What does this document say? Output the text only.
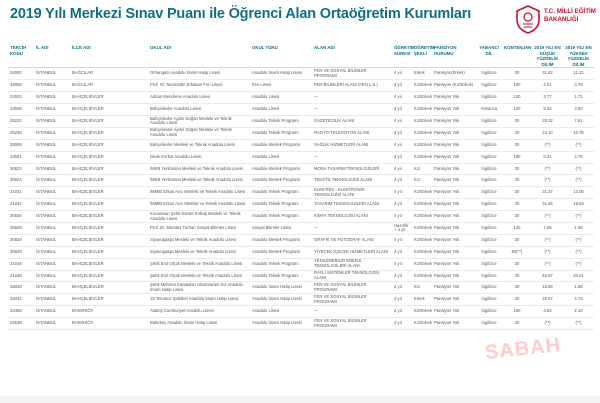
2019 Yılı Merkezi Sınav Puanı ile Öğrenci Alan Ortaöğretim Kurumları	T.C. MİLLİ EĞİTİM
BAKANLIĞI
TERCİH KODU	İL ADI	İLÇE ADI	OKUL ADI	OKUL TÜRÜ	ALAN ADI	ÖĞRETİM SÜRESİ	ÖĞRETİM ŞEKLİ	PANSİYON DURUMU	YABANCI DİL	KONTENJAN	2019 YILI EN DÜŞÜK YÜZDELİK DİLİM	2019 YILI EN YÜKSEK YÜZDELİK DİLİM
34000	İSTANBUL	BAĞCILAR	Orhangazi Anadolu İmam Hatip Lisesi	Anadolu İmam Hatip Lisesi	FEN VE SOSYAL BİLİMLER PROGRAMI	4 yıl	Erkek	Pansiyon(Erkek)	İngilizce	30	31.82	11.12
34858	İSTANBUL	BAĞCILAR	Prof. Dr. Necmettin Erbakan Fen Lisesi	Fen Lisesi	FEN BİLİMLERİ ALANI (FEN L.S.)	4 yıl	Kız/Erkek	Pansiyon (Kız/Erkek)	İngilizce	150	4.01	0.78
22502	İSTANBUL	BAHÇELİEVLER	Adnan Menderes Anadolu Lisesi	Anadolu Lisesi	—	4 yıl	Kız/Erkek	Pansiyon Yok	İngilizce	120	3.77	1.72
23506	İSTANBUL	BAHÇELİEVLER	Bahçelievler Anadolu Lisesi	Anadolu Lisesi	—	4 yıl	Kız/Erkek	Pansiyon Yok	Almanca	120	5.32	3.00
25233	İSTANBUL	BAHÇELİEVLER	Bahçelievler Aydın Doğan Mesleki ve Teknik Anadolu Lisesi	Anadolu Teknik Programı	GAZETECİLİK ALANI	4 yıl	Kız/Erkek	Pansiyon Yok	İngilizce	30	29.32	7.61
25235	İSTANBUL	BAHÇELİEVLER	Bahçelievler Aydın Doğan Mesleki ve Teknik Anadolu Lisesi	Anadolu Teknik Programı	RADYO-TELEVİZYON ALANI	4 yıl	Kız/Erkek	Pansiyon Yok	İngilizce	30	24.10	10.76
35008	İSTANBUL	BAHÇELİEVLER	Bahçelievler Mesleki ve Teknik Anadolu Lisesi	Anadolu Meslek Programı	SAĞLIK HİZMETLERİ ALANI	4 yıl	Kız/Erkek	Pansiyon Yok	İngilizce	30	(**)	(**)
23501	İSTANBUL	BAHÇELİEVLER	Dede Korkut Anadolu Lisesi	Anadolu Lisesi	—	4 yıl	Kız/Erkek	Pansiyon Yok	İngilizce	180	6.31	2.76
30823	İSTANBUL	BAHÇELİEVLER	İMKB Yenibosna Mesleki ve Teknik Anadolu Lisesi	Anadolu Meslek Programı	MODA TASARIM TEKNOLOJİLERİ	4 yıl	Kız	Pansiyon Yok	İngilizce	30	(**)	(**)
30824	İSTANBUL	BAHÇELİEVLER	İMKB Yenibosna Mesleki ve Teknik Anadolu Lisesi	Anadolu Meslek Programı	TEKSTİL TEKNOLOJİSİ ALANI	4 yıl	Kız	Pansiyon Yok	İngilizce	30	(**)	(**)
21031	İSTANBUL	BAHÇELİEVLER	İMMİB Erkan Avcı Mesleki ve Teknik Anadolu Lisesi	Anadolu Teknik Programı	ELEKTRİK - ELEKTRONİK TEKNOLOJİSİ ALANI	4 yıl	Kız/Erkek	Pansiyon Yok	İngilizce	30	31.37	13.05
21032	İSTANBUL	BAHÇELİEVLER	İMMİB Erkan Avcı Mesleki ve Teknik Anadolu Lisesi	Anadolu Teknik Programı	TASARIM TEKNOLOJİLERİ ALANI	4 yıl	Kız/Erkek	Pansiyon Yok	İngilizce	30	31.56	18.53
30835	İSTANBUL	BAHÇELİEVLER	Kocasinan Şehit Samet Kırbaş Mesleki ve Teknik Anadolu Lisesi	Anadolu Teknik Programı	KİMYA TEKNOLOJİSİ ALANI	4 yıl	Kız/Erkek	Pansiyon Yok	İngilizce	30	(**)	(**)
36825	İSTANBUL	BAHÇELİEVLER	Prof. Dr. Mümtaz Turhan Sosyal Bilimler Lisesi	Sosyal Bilimler Lisesi	—	Hazırlık + 4 yıl	Kız/Erkek	Pansiyon Yok	İngilizce	120	7.56	1.58
30828	İSTANBUL	BAHÇELİEVLER	Siyavuşpaşa Mesleki ve Teknik Anadolu Lisesi	Anadolu Meslek Programı	GRAFİK VE FOTOĞRAF ALANI	4 yıl	Kız/Erkek	Pansiyon Yok	İngilizce	30	(**)	(**)
30829	İSTANBUL	BAHÇELİEVLER	Siyavuşpaşa Mesleki ve Teknik Anadolu Lisesi	Anadolu Meslek Programı	YİYECEK İÇECEK HİZMETLERİ ALANI	4 yıl	Kız/Erkek	Pansiyon Yok	İngilizce	60(**)	(**)	(**)
21034	İSTANBUL	BAHÇELİEVLER	Şehit Erol Olçok Mesleki ve Teknik Anadolu Lisesi	Anadolu Teknik Programı	YENİLENEBİLİR ENERJİ TEKNOLOJİLERİ ALANI	4 yıl	Kız/Erkek	Pansiyon Yok	İngilizce	30	(**)	(**)
21036	İSTANBUL	BAHÇELİEVLER	Şehit Erol Olçok Mesleki ve Teknik Anadolu Lisesi	Anadolu Teknik Programı	RAYLI SİSTEMLER TEKNOLOJİSİ ALANI	4 yıl	Kız/Erkek	Pansiyon Yok	İngilizce	30	45.97	20.01
28339	İSTANBUL	BAHÇELİEVLER	Şehit Mehmet Karaaslan Uluslararası Kız Anadolu İmam Hatip Lisesi	Anadolu İmam Hatip Lisesi	FEN VE SOSYAL BİLİMLER PROGRAMI	4 yıl	Kız	Pansiyon Yok	İngilizce	30	15.88	1.86
28342	İSTANBUL	BAHÇELİEVLER	15 Temmuz Şehitleri Anadolu İmam Hatip Lisesi	Anadolu İmam Hatip Lisesi	FEN VE SOSYAL BİLİMLER PROGRAMI	4 yıl	Erkek	Pansiyon Yok	İngilizce	30	26.67	4.73
23488	İSTANBUL	BAKIRKÖY	Ataköy Cumhuriyet Anadolu Lisesi	Anadolu Lisesi	—	4 yıl	Kız/Erkek	Pansiyon Yok	İngilizce	150	4.63	2.19
24538	İSTANBUL	BAKIRKÖY	Bakırköy Anadolu İmam Hatip Lisesi	Anadolu İmam Hatip Lisesi	FEN VE SOSYAL BİLİMLER PROGRAMI	4 yıl	Kız/Erkek	Pansiyon Yok	İngilizce	30	(**)	(**)
SABAH
